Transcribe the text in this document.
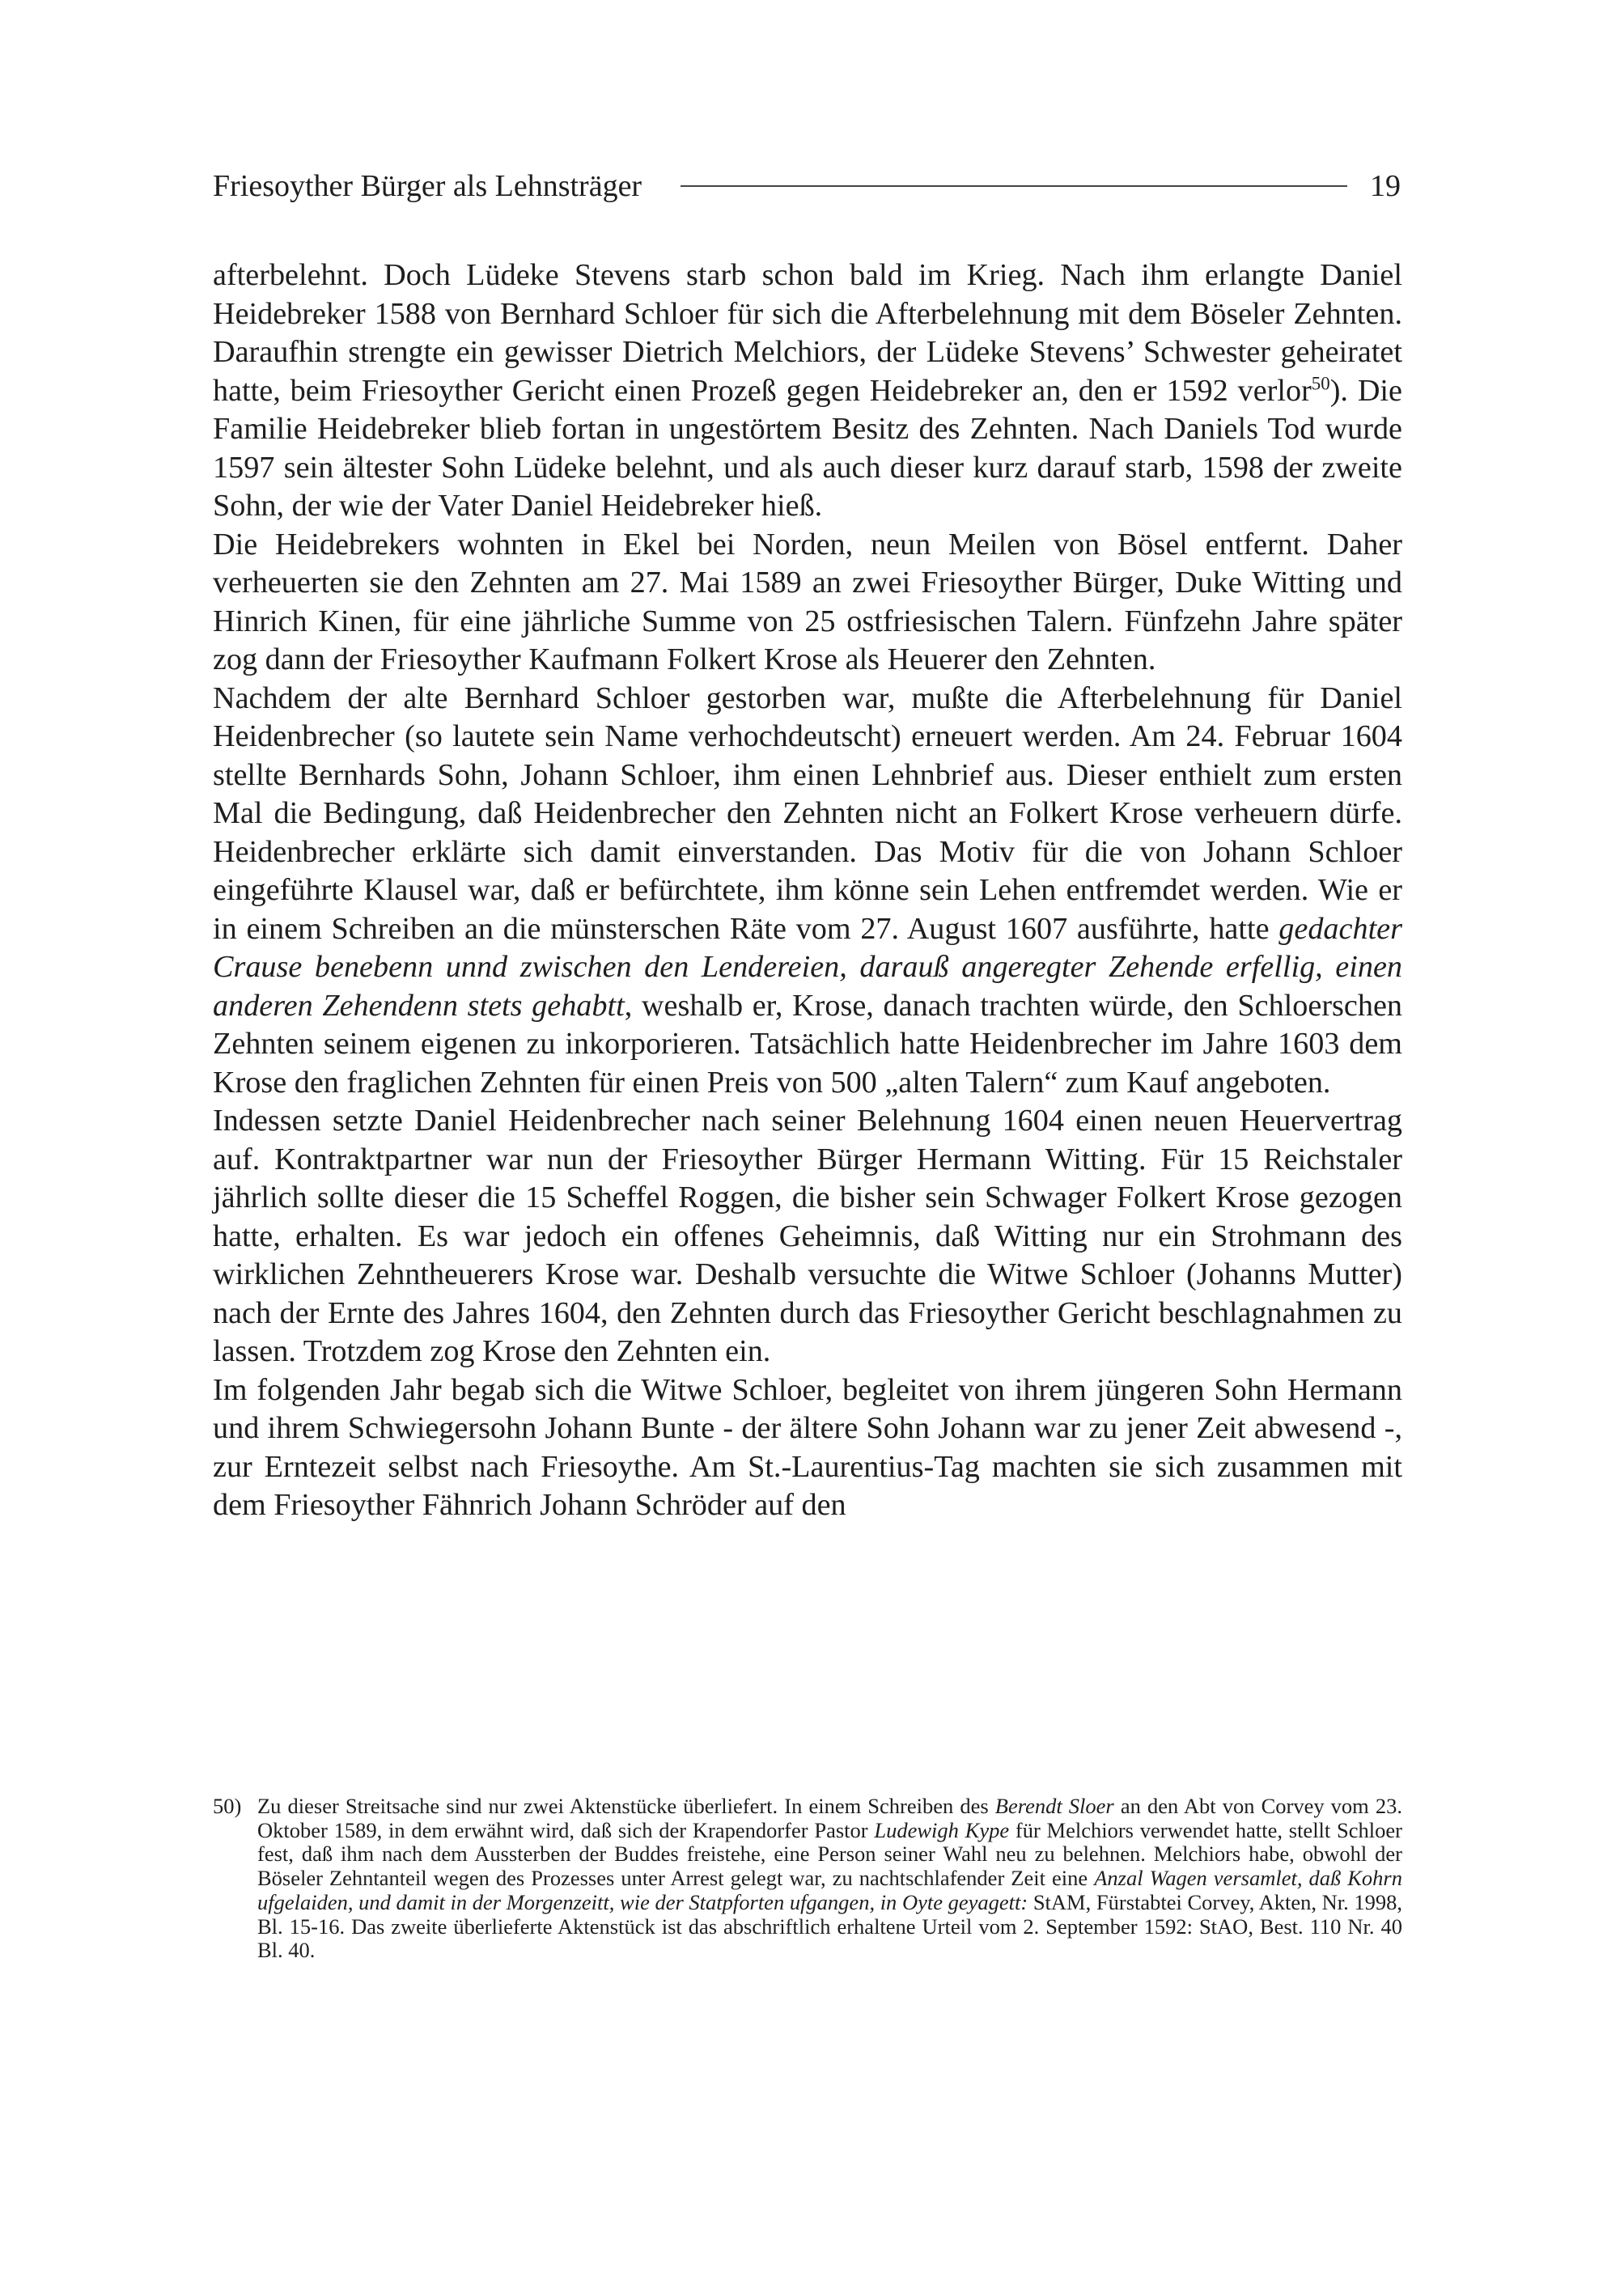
Friesoyther Bürger als Lehnsträger	19

afterbelehnt. Doch Lüdeke Stevens starb schon bald im Krieg. Nach ihm erlangte Daniel Heidebreker 1588 von Bernhard Schloer für sich die Afterbelehnung mit dem Böseler Zehnten. Daraufhin strengte ein gewisser Dietrich Melchiors, der Lüdeke Stevens’ Schwester geheiratet hatte, beim Friesoyther Gericht einen Prozeß gegen Heidebreker an, den er 1592 verlor$^{50}$). Die Familie Heidebreker blieb fortan in ungestörtem Besitz des Zehnten. Nach Daniels Tod wurde 1597 sein ältester Sohn Lüdeke belehnt, und als auch dieser kurz darauf starb, 1598 der zweite Sohn, der wie der Vater Daniel Heidebreker hieß.

Die Heidebrekers wohnten in Ekel bei Norden, neun Meilen von Bösel entfernt. Daher verheuerten sie den Zehnten am 27. Mai 1589 an zwei Friesoyther Bürger, Duke Witting und Hinrich Kinen, für eine jährliche Summe von 25 ostfriesischen Talern. Fünfzehn Jahre später zog dann der Friesoyther Kaufmann Folkert Krose als Heuerer den Zehnten.

Nachdem der alte Bernhard Schloer gestorben war, mußte die Afterbelehnung für Daniel Heidenbrecher (so lautete sein Name verhochdeutscht) erneuert werden. Am 24. Februar 1604 stellte Bernhards Sohn, Johann Schloer, ihm einen Lehnbrief aus. Dieser enthielt zum ersten Mal die Bedingung, daß Heidenbrecher den Zehnten nicht an Folkert Krose verheuern dürfe. Heidenbrecher erklärte sich damit einverstanden. Das Motiv für die von Johann Schloer eingeführte Klausel war, daß er befürchtete, ihm könne sein Lehen entfremdet werden. Wie er in einem Schreiben an die münsterschen Räte vom 27. August 1607 ausführte, hatte gedachter Crause benebenn unnd zwischen den Lendereien, darauß angeregter Zehende erfellig, einen anderen Zehendenn stets gehabtt, weshalb er, Krose, danach trachten würde, den Schloerschen Zehnten seinem eigenen zu inkorporieren. Tatsächlich hatte Heidenbrecher im Jahre 1603 dem Krose den fraglichen Zehnten für einen Preis von 500 „alten Talern“ zum Kauf angeboten.

Indessen setzte Daniel Heidenbrecher nach seiner Belehnung 1604 einen neuen Heuervertrag auf. Kontraktpartner war nun der Friesoyther Bürger Hermann Witting. Für 15 Reichstaler jährlich sollte dieser die 15 Scheffel Roggen, die bisher sein Schwager Folkert Krose gezogen hatte, erhalten. Es war jedoch ein offenes Geheimnis, daß Witting nur ein Strohmann des wirklichen Zehntheuerers Krose war. Deshalb versuchte die Witwe Schloer (Johanns Mutter) nach der Ernte des Jahres 1604, den Zehnten durch das Friesoyther Gericht beschlagnahmen zu lassen. Trotzdem zog Krose den Zehnten ein.

Im folgenden Jahr begab sich die Witwe Schloer, begleitet von ihrem jüngeren Sohn Hermann und ihrem Schwiegersohn Johann Bunte - der ältere Sohn Johann war zu jener Zeit abwesend -, zur Erntezeit selbst nach Friesoythe. Am St.-Laurentius-Tag machten sie sich zusammen mit dem Friesoyther Fähnrich Johann Schröder auf den

50) Zu dieser Streitsache sind nur zwei Aktenstücke überliefert. In einem Schreiben des Berendt Sloer an den Abt von Corvey vom 23. Oktober 1589, in dem erwähnt wird, daß sich der Krapendorfer Pastor Ludewigh Kype für Melchiors verwendet hatte, stellt Schloer fest, daß ihm nach dem Aussterben der Buddes freistehe, eine Person seiner Wahl neu zu belehnen. Melchiors habe, obwohl der Böseler Zehntanteil wegen des Prozesses unter Arrest gelegt war, zu nachtschlafender Zeit eine Anzal Wagen versamlet, daß Kohrn ufgelaiden, und damit in der Morgenzeitt, wie der Statpforten ufgangen, in Oyte geyagett: StAM, Fürstabtei Corvey, Akten, Nr. 1998, Bl. 15-16. Das zweite überlieferte Aktenstück ist das abschriftlich erhaltene Urteil vom 2. September 1592: StAO, Best. 110 Nr. 40 Bl. 40.
